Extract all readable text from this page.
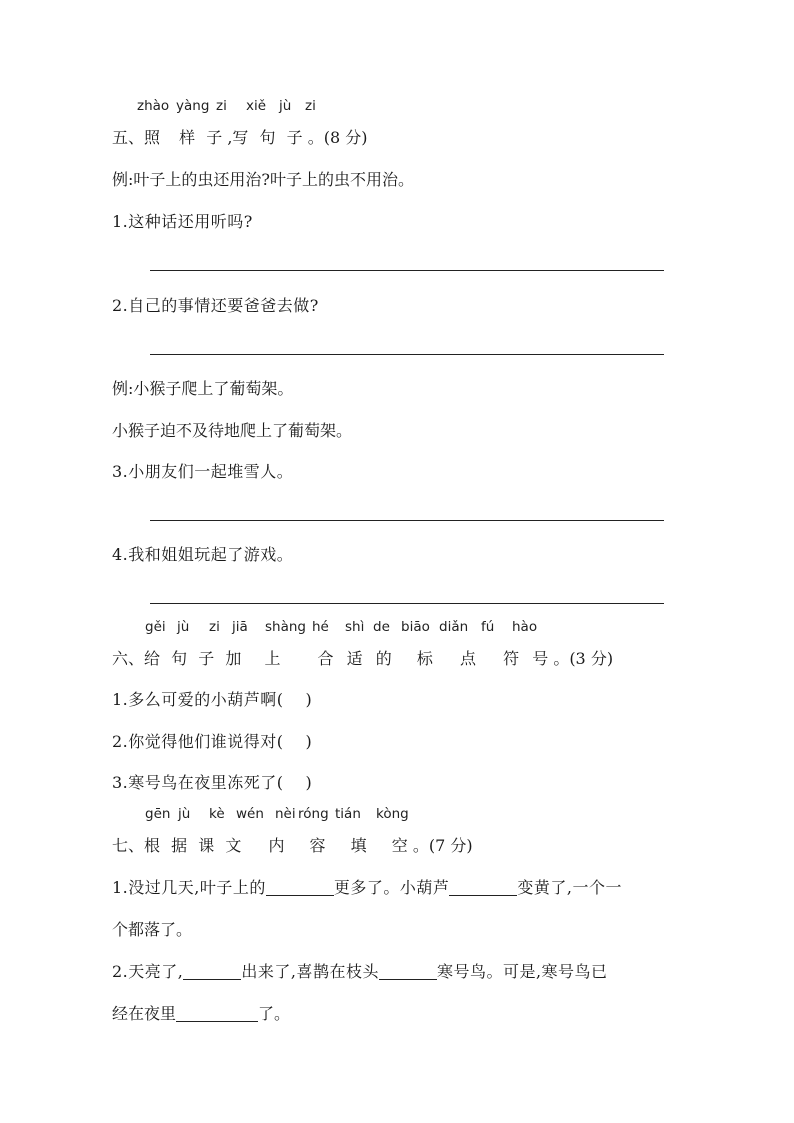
zhào yàng zi xiě jù zi
五、照 样 子 ,写 句 子 。(8 分)
例:叶子上的虫还用治?叶子上的虫不用治。
1.这种话还用听吗?
2.自己的事情还要爸爸去做?
例:小猴子爬上了葡萄架。
小猴子迫不及待地爬上了葡萄架。
3.小朋友们一起堆雪人。
4.我和姐姐玩起了游戏。
gěi jù zi jiā shàng hé shì de biāo diǎn fú hào
六、给 句 子 加 上 合 适 的 标 点 符 号 。(3 分)
1.多么可爱的小葫芦啊( )
2.你觉得他们谁说得对( )
3.寒号鸟在夜里冻死了( )
gēn jù kè wén nèi róng tián kòng
七、根 据 课 文 内 容 填 空 。(7 分)
1.没过几天,叶子上的	更多了。小葫芦	变黄了,一个一
个都落了。
2.天亮了,	出来了,喜鹊在枝头	寒号鸟。可是,寒号鸟已
经在夜里	了。
